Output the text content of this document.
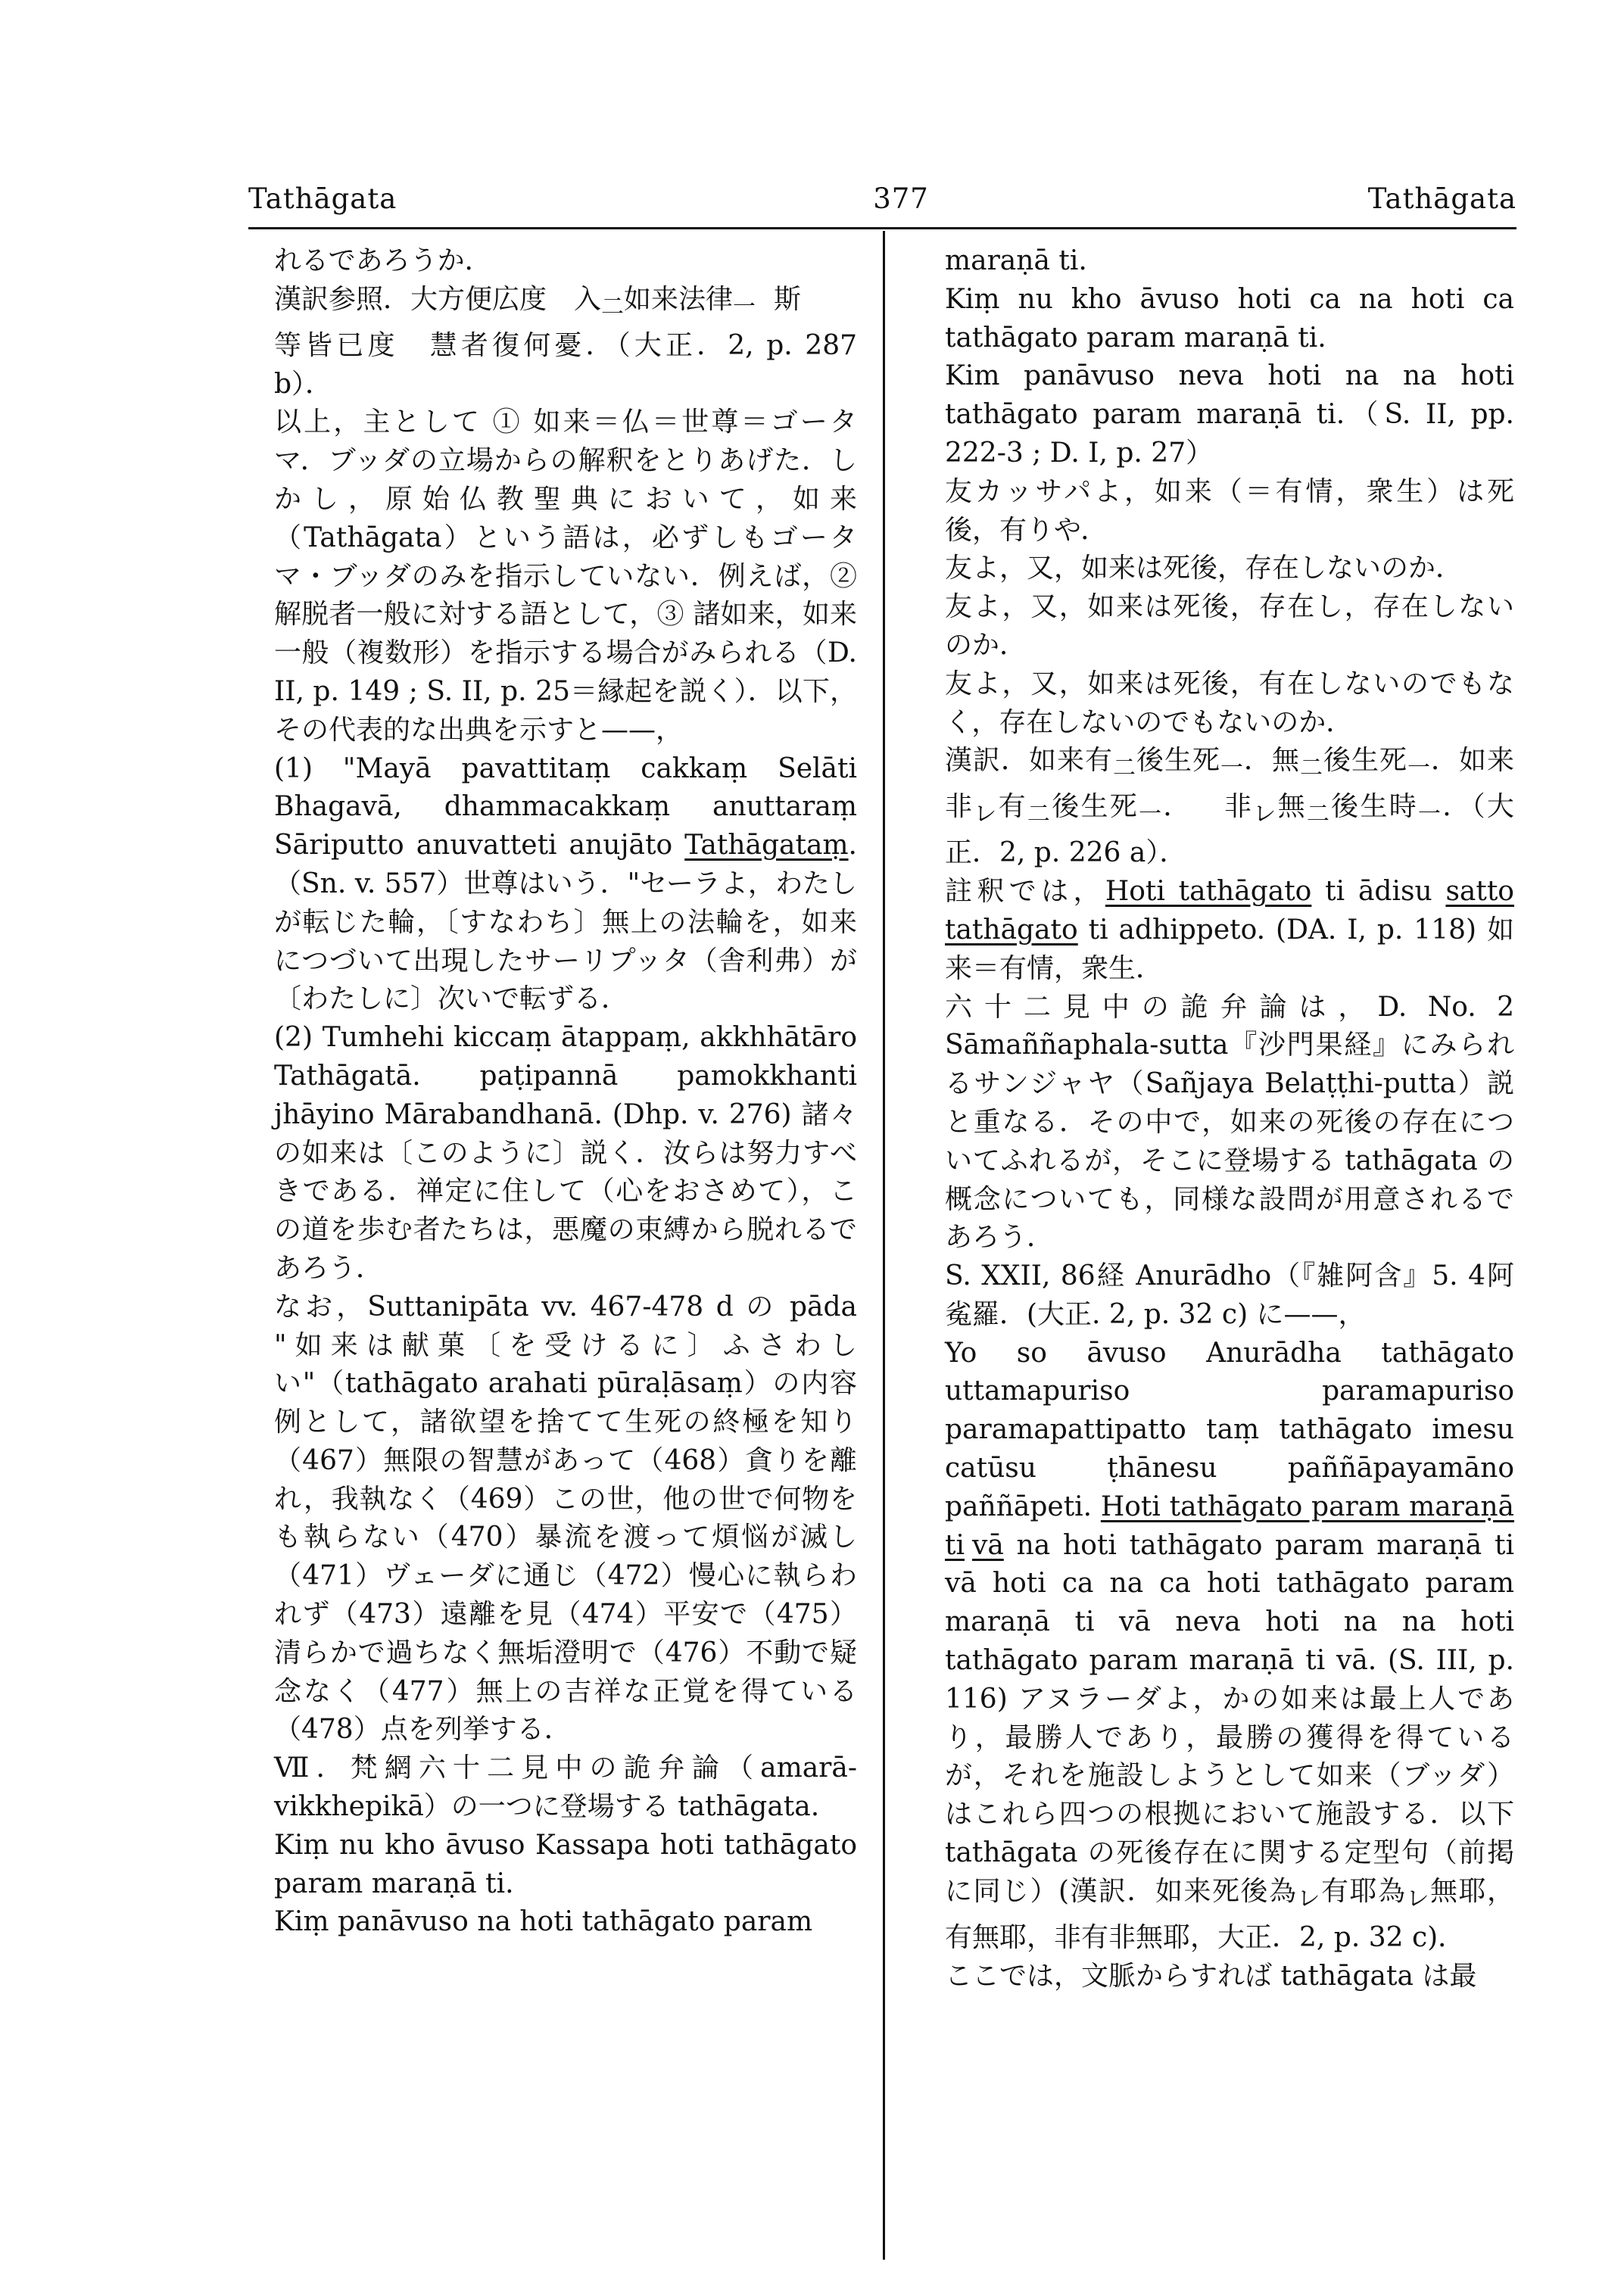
Tathāgata	377	Tathāgata

れるであろうか．

漢訳参照．大方便広度　入$_二$如来法律$_一$ 斯

等皆已度　慧者復何憂．（大正．2, p. 287 b）．

以上，主として ① 如来＝仏＝世尊＝ゴータマ．ブッダの立場からの解釈をとりあげた．しかし，原始仏教聖典において，如来（Tathāgata）という語は，必ずしもゴータマ・ブッダのみを指示していない．例えば，② 解脱者一般に対する語として，③ 諸如来，如来一般（複数形）を指示する場合がみられる（D. II, p. 149 ; S. II, p. 25＝縁起を説く）．以下，その代表的な出典を示すと——，

(1) "Mayā pavattitaṃ cakkaṃ Selāti Bhagavā, dhammacakkaṃ anuttaraṃ Sāriputto anuvatteti anujāto Tathāgataṃ.（Sn. v. 557）世尊はいう．"セーラよ，わたしが転じた輪，〔すなわち〕無上の法輪を，如来につづいて出現したサーリプッタ（舎利弗）が〔わたしに〕次いで転ずる．

(2) Tumhehi kiccaṃ ātappaṃ, akkhhātāro Tathāgatā. paṭipannā pamokkhanti jhāyino Mārabandhanā. (Dhp. v. 276) 諸々の如来は〔このように〕説く．汝らは努力すべきである．禅定に住して（心をおさめて），この道を歩む者たちは，悪魔の束縛から脱れるであろう．

なお，Suttanipāta vv. 467-478 d の pāda "如来は献菓〔を受けるに〕ふさわしい"（tathāgato arahati pūraḷāsaṃ）の内容例として，諸欲望を捨てて生死の終極を知り（467）無限の智慧があって（468）貪りを離れ，我執なく（469）この世，他の世で何物をも執らない（470）暴流を渡って煩悩が滅し（471）ヴェーダに通じ（472）慢心に執らわれず（473）遠離を見（474）平安で（475）清らかで過ちなく無垢澄明で（476）不動で疑念なく（477）無上の吉祥な正覚を得ている（478）点を列挙する．

Ⅶ．梵網六十二見中の詭弁論（amarā-vikkhepikā）の一つに登場する tathāgata.

Kiṃ nu kho āvuso Kassapa hoti tathāgato param maraṇā ti.

Kiṃ panāvuso na hoti tathāgato param

maraṇā ti.

Kiṃ nu kho āvuso hoti ca na hoti ca tathāgato param maraṇā ti.

Kim panāvuso neva hoti na na hoti tathāgato param maraṇā ti.（S. II, pp. 222-3 ; D. I, p. 27）

友カッサパよ，如来（＝有情，衆生）は死後，有りや．

友よ，又，如来は死後，存在しないのか．

友よ，又，如来は死後，存在し，存在しないのか．

友よ，又，如来は死後，有在しないのでもなく，存在しないのでもないのか．

漢訳．如来有$_二$後生死$_一$．無$_二$後生死$_一$．如来非$_レ$有$_二$後生死$_一$． 非$_レ$無$_二$後生時$_一$．（大正．2, p. 226 a）．

註釈では，Hoti tathāgato ti ādisu satto tathāgato ti adhippeto. (DA. I, p. 118) 如来＝有情，衆生．

六十二見中の詭弁論は，D. No. 2 Sāmaññaphala-sutta『沙門果経』にみられるサンジャヤ（Sañjaya Belaṭṭhi-putta）説と重なる．その中で，如来の死後の存在についてふれるが，そこに登場する tathāgata の概念についても，同様な設問が用意されるであろう．

S. XXII, 86経 Anurādho（『雑阿含』5. 4阿㝹羅．(大正. 2, p. 32 c) に——，

Yo so āvuso Anurādha tathāgato uttamapuriso paramapuriso paramapattipatto taṃ tathāgato imesu catūsu ṭhānesu paññāpayamāno paññāpeti. Hoti tathāgato param maraṇā ti vā na hoti tathāgato param maraṇā ti vā hoti ca na ca hoti tathāgato param maraṇā ti vā neva hoti na na hoti tathāgato param maraṇā ti vā. (S. III, p. 116) アヌラーダよ，かの如来は最上人であり，最勝人であり，最勝の獲得を得ているが，それを施設しようとして如来（ブッダ）はこれら四つの根拠において施設する．以下 tathāgata の死後存在に関する定型句（前掲に同じ）(漢訳．如来死後為$_レ$有耶為$_レ$無耶，有無耶，非有非無耶，大正．2, p. 32 c)．

ここでは，文脈からすれば tathāgata は最
